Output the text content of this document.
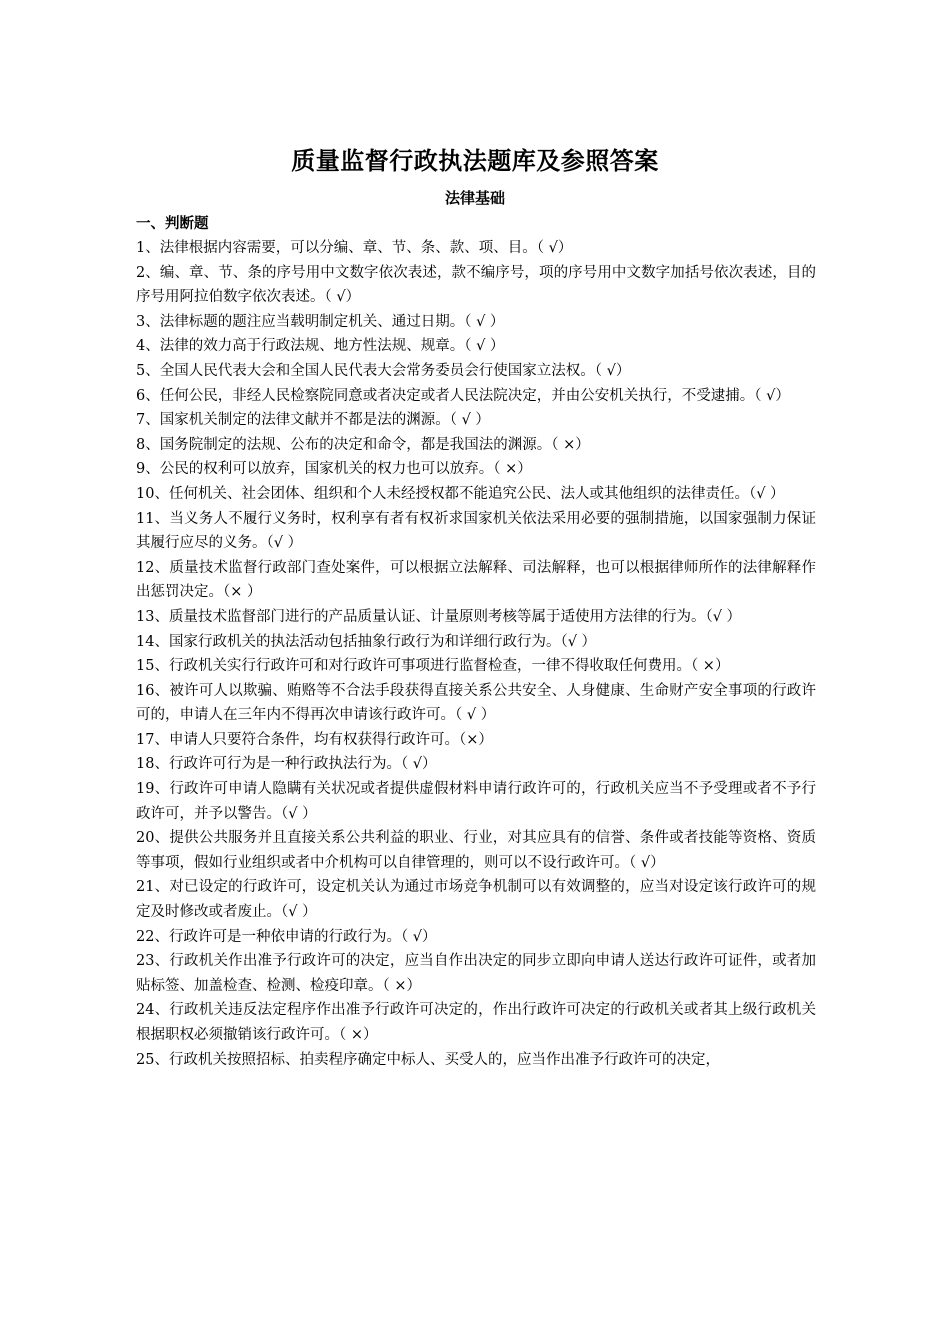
质量监督行政执法题库及参照答案
法律基础
一、判断题
1、法律根据内容需要，可以分编、章、节、条、款、项、目。（ √）
2、编、章、节、条的序号用中文数字依次表述，款不编序号，项的序号用中文数字加括号依次表述，目的序号用阿拉伯数字依次表述。（ √）
3、法律标题的题注应当载明制定机关、通过日期。（ √ ）
4、法律的效力高于行政法规、地方性法规、规章。（ √ ）
5、全国人民代表大会和全国人民代表大会常务委员会行使国家立法权。（ √）
6、任何公民，非经人民检察院同意或者决定或者人民法院决定，并由公安机关执行，不受逮捕。（ √）
7、国家机关制定的法律文献并不都是法的渊源。（ √ ）
8、国务院制定的法规、公布的决定和命令，都是我国法的渊源。（ ×）
9、公民的权利可以放弃，国家机关的权力也可以放弃。（ ×）
10、任何机关、社会团体、组织和个人未经授权都不能追究公民、法人或其他组织的法律责任。（√ ）
11、当义务人不履行义务时，权利享有者有权祈求国家机关依法采用必要的强制措施，以国家强制力保证其履行应尽的义务。（√ ）
12、质量技术监督行政部门查处案件，可以根据立法解释、司法解释，也可以根据律师所作的法律解释作出惩罚决定。（× ）
13、质量技术监督部门进行的产品质量认证、计量原则考核等属于适使用方法律的行为。（√ ）
14、国家行政机关的执法活动包括抽象行政行为和详细行政行为。（√ ）
15、行政机关实行行政许可和对行政许可事项进行监督检查，一律不得收取任何费用。（ ×）
16、被许可人以欺骗、贿赂等不合法手段获得直接关系公共安全、人身健康、生命财产安全事项的行政许可的，申请人在三年内不得再次申请该行政许可。（ √ ）
17、申请人只要符合条件，均有权获得行政许可。（×）
18、行政许可行为是一种行政执法行为。（ √）
19、行政许可申请人隐瞒有关状况或者提供虚假材料申请行政许可的，行政机关应当不予受理或者不予行政许可，并予以警告。（√ ）
20、提供公共服务并且直接关系公共利益的职业、行业，对其应具有的信誉、条件或者技能等资格、资质等事项，假如行业组织或者中介机构可以自律管理的，则可以不设行政许可。（ √）
21、对已设定的行政许可，设定机关认为通过市场竞争机制可以有效调整的，应当对设定该行政许可的规定及时修改或者废止。（√ ）
22、行政许可是一种依申请的行政行为。（ √）
23、行政机关作出准予行政许可的决定，应当自作出决定的同步立即向申请人送达行政许可证件，或者加贴标签、加盖检查、检测、检疫印章。（ ×）
24、行政机关违反法定程序作出准予行政许可决定的，作出行政许可决定的行政机关或者其上级行政机关根据职权必须撤销该行政许可。（ ×）
25、行政机关按照招标、拍卖程序确定中标人、买受人的，应当作出准予行政许可的决定，
